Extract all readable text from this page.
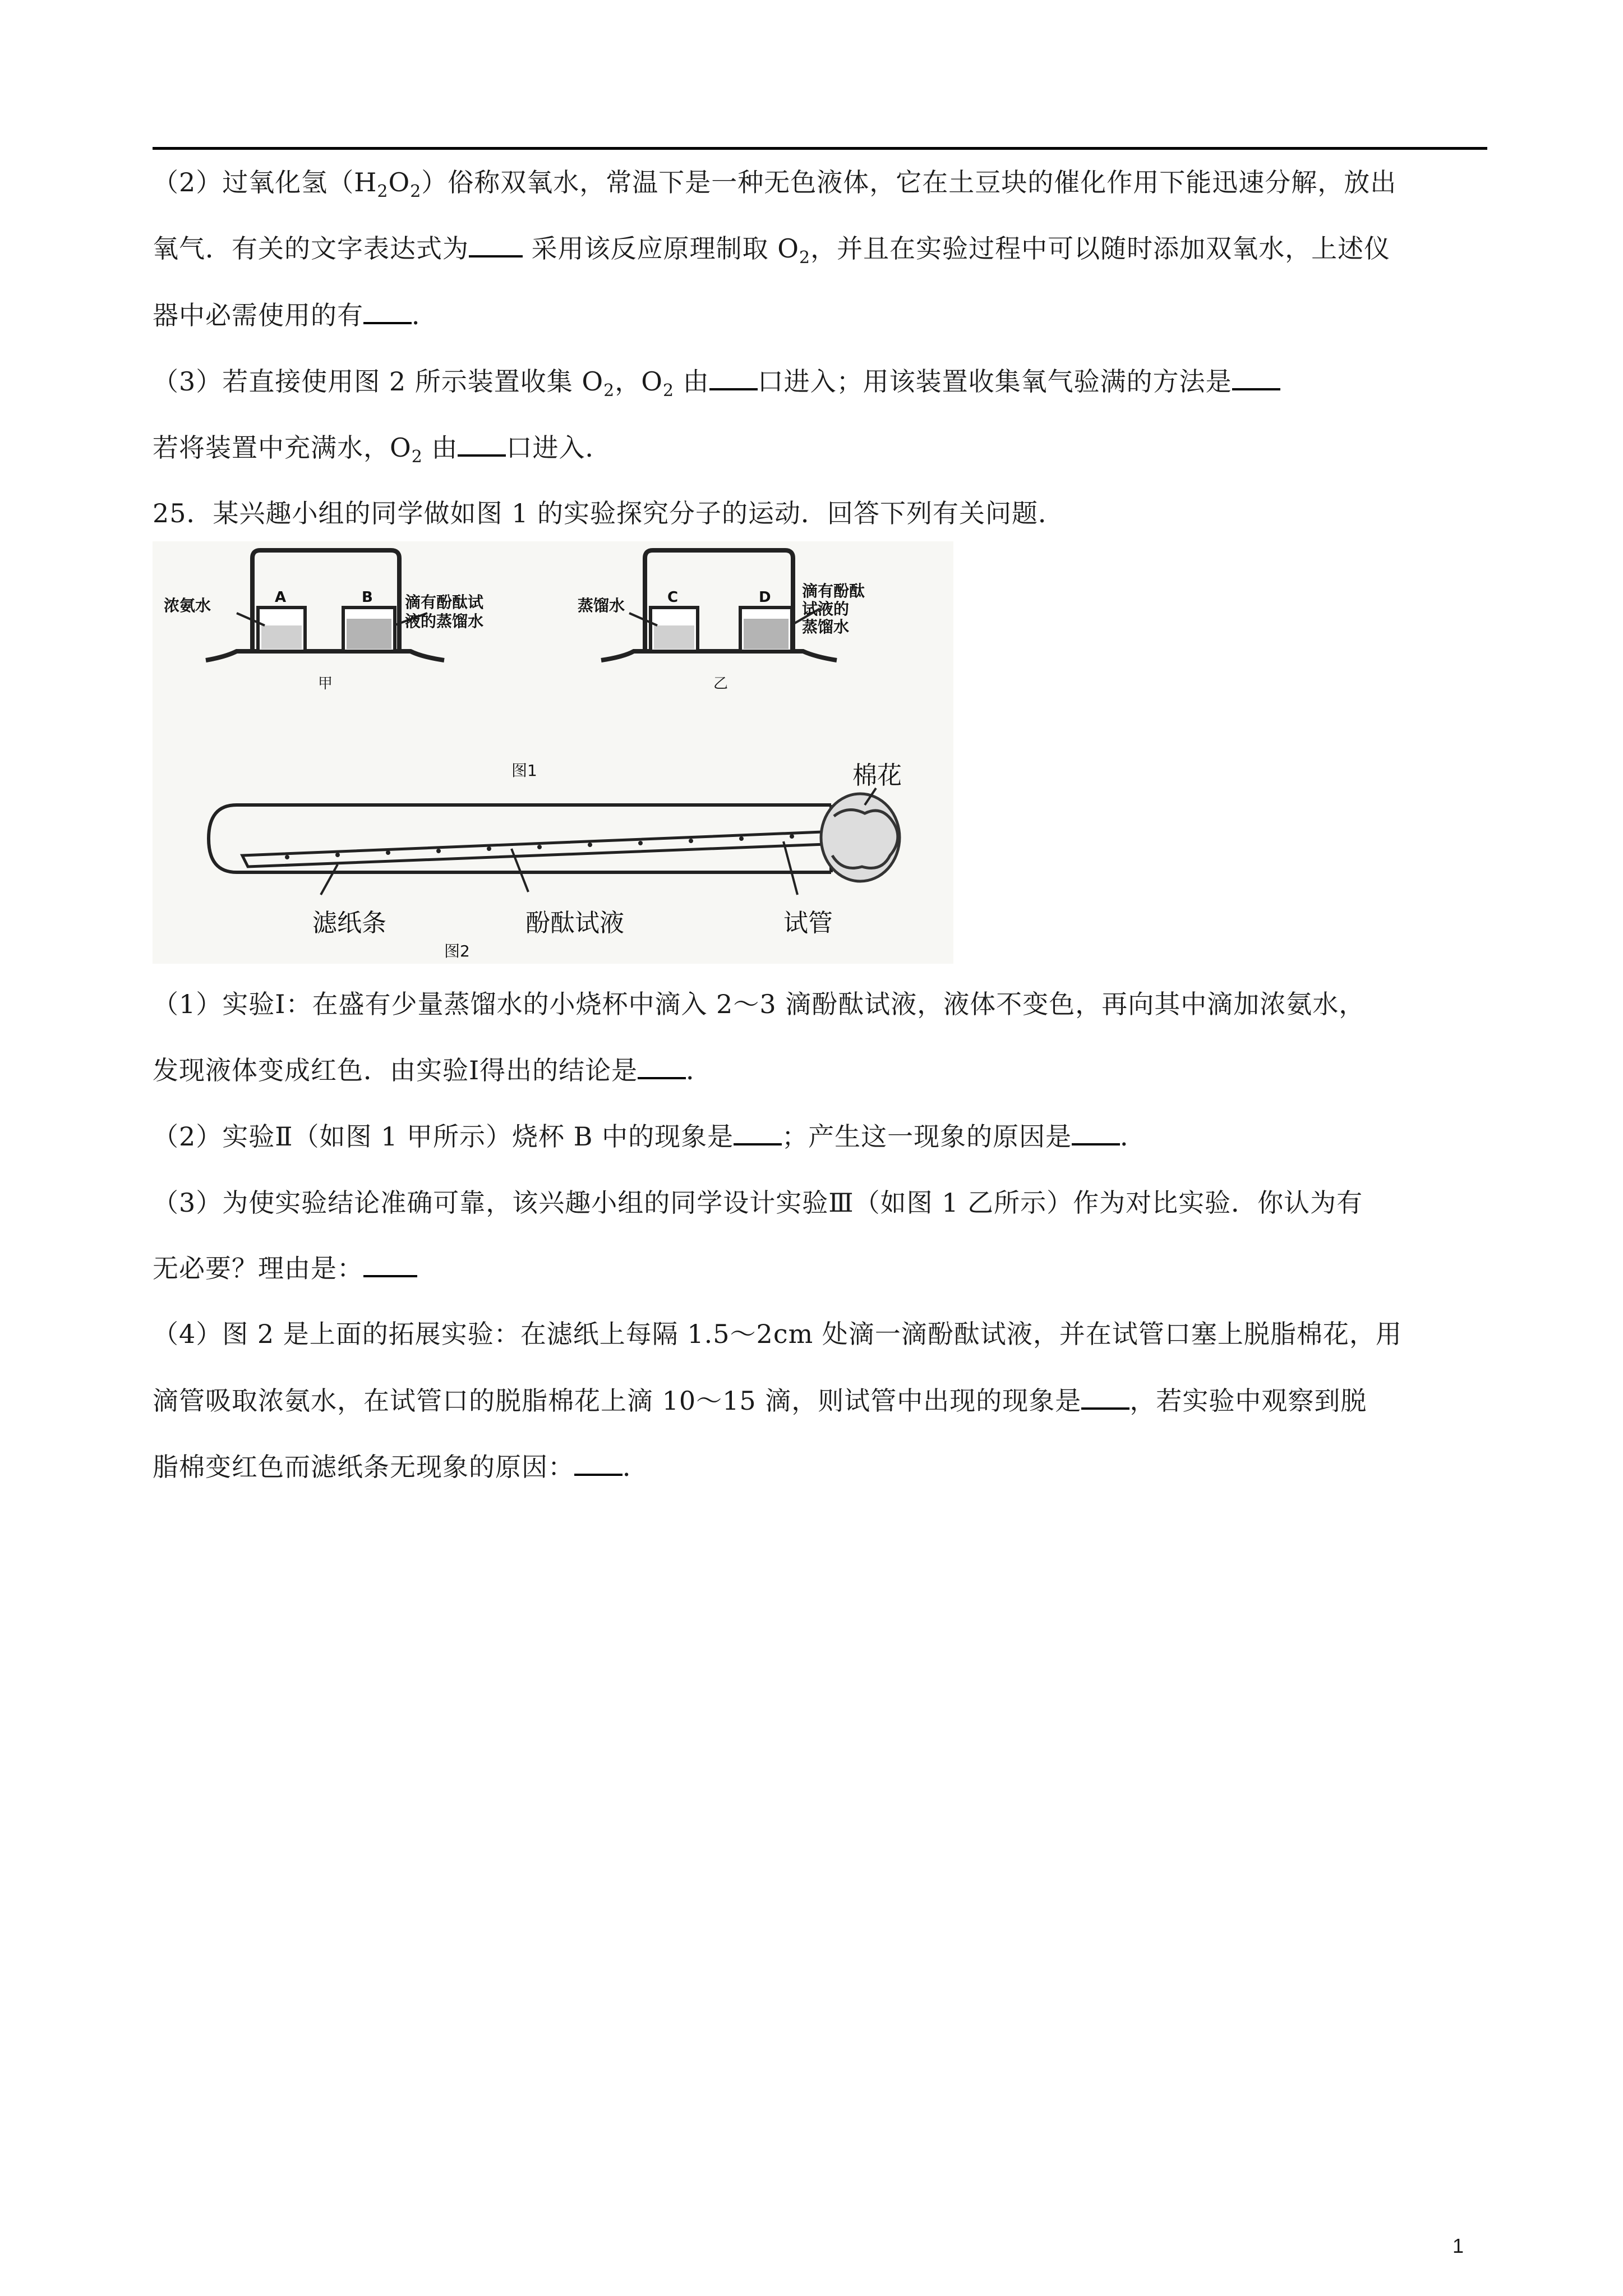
（2）过氧化氢$(H_2O_2)$俗称双氧水，常温下是一种无色液体，它在土豆块的催化作用下能迅速分解，放出
氧气．有关的文字表达式为 采用该反应原理制取 $O_2$，并且在实验过程中可以随时添加双氧水，上述仪
器中必需使用的有 ．
（3）若直接使用图 2 所示装置收集 $O_2$，$O_2$ 由 口进入；用该装置收集氧气验满的方法是
若将装置中充满水，$O_2$ 由 口进入．
25．某兴趣小组的同学做如图 1 的实验探究分子的运动．回答下列有关问题．
A	B	C	D
浓氨水	滴有酚酞试
液的蒸馏水
蒸馏水
滴有酚酞
试液的
蒸馏水
甲	乙
图1	棉花
滤纸条	酚酞试液	试管
图2
（1）实验Ⅰ：在盛有少量蒸馏水的小烧杯中滴入 2～3 滴酚酞试液，液体不变色，再向其中滴加浓氨水，
发现液体变成红色．由实验Ⅰ得出的结论是 ．
（2）实验Ⅱ（如图 1 甲所示）烧杯 B 中的现象是 ；产生这一现象的原因是 ．
（3）为使实验结论准确可靠，该兴趣小组的同学设计实验Ⅲ（如图 1 乙所示）作为对比实验．你认为有
无必要？理由是：
（4）图 2 是上面的拓展实验：在滤纸上每隔 1.5～2cm 处滴一滴酚酞试液，并在试管口塞上脱脂棉花，用
滴管吸取浓氨水，在试管口的脱脂棉花上滴 10～15 滴，则试管中出现的现象是 ，若实验中观察到脱
脂棉变红色而滤纸条无现象的原因： ．
1
